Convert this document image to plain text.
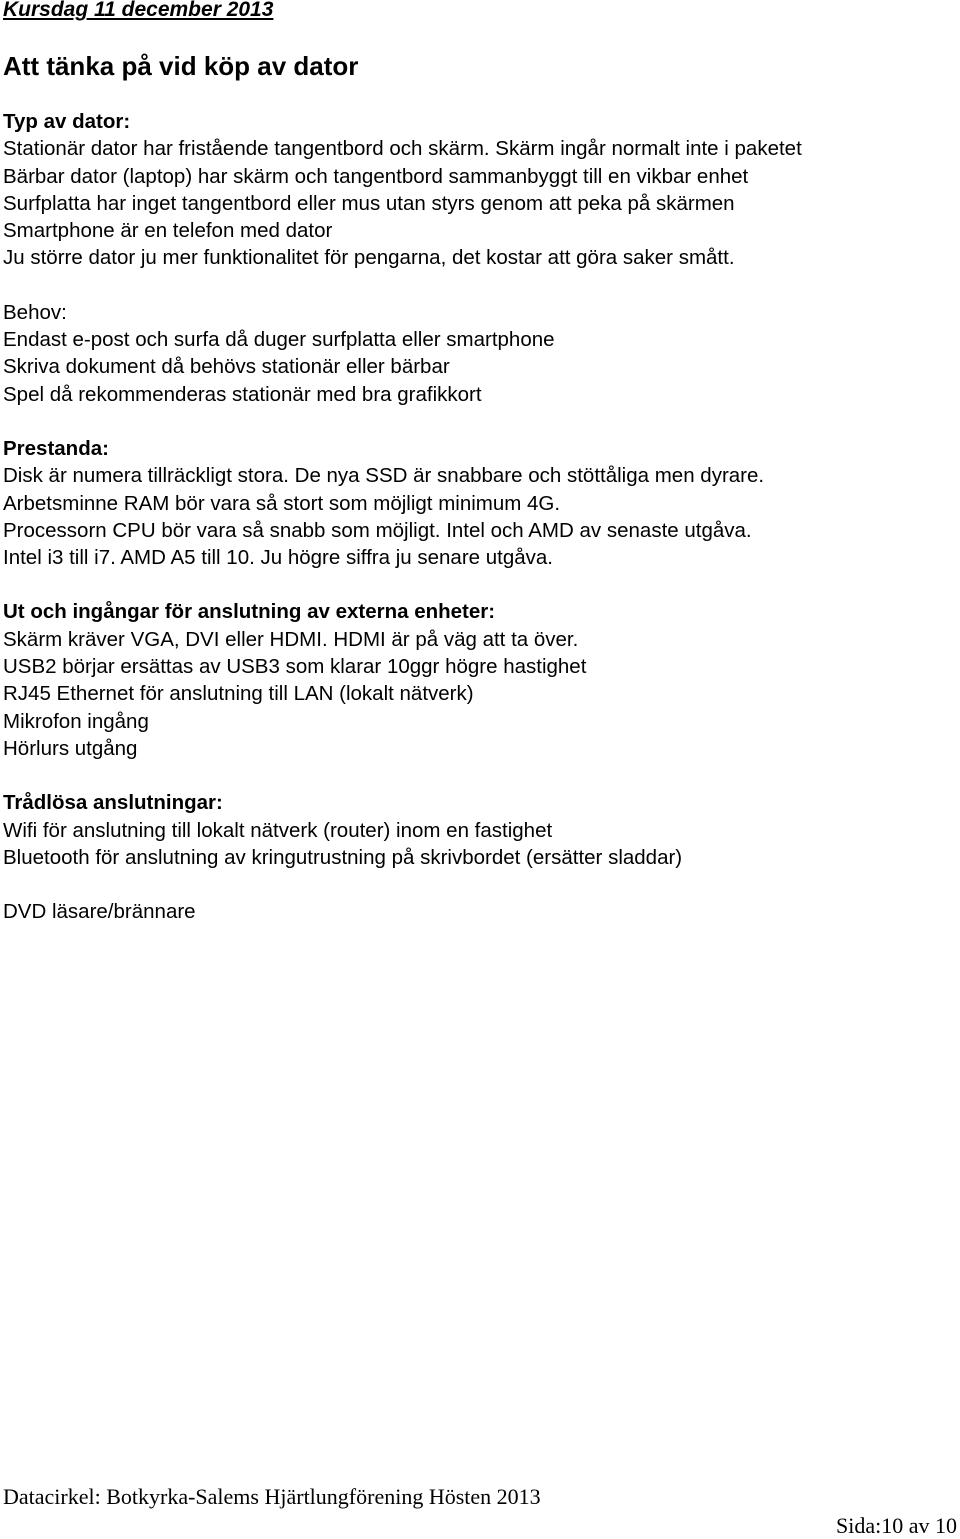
Kursdag 11 december 2013
Att tänka på vid köp av dator

Typ av dator:

Stationär dator har fristående tangentbord och skärm. Skärm ingår normalt inte i paketet

Bärbar dator (laptop) har skärm och tangentbord sammanbyggt till en vikbar enhet

Surfplatta har inget tangentbord eller mus utan styrs genom att peka på skärmen

Smartphone är en telefon med dator

Ju större dator ju mer funktionalitet för pengarna, det kostar att göra saker smått.

Behov:

Endast e-post och surfa då duger surfplatta eller smartphone

Skriva dokument då behövs stationär eller bärbar

Spel då rekommenderas stationär med bra grafikkort

Prestanda:

Disk är numera tillräckligt stora. De nya SSD är snabbare och stöttåliga men dyrare.

Arbetsminne RAM bör vara så stort som möjligt minimum 4G.

Processorn CPU bör vara så snabb som möjligt. Intel och AMD av senaste utgåva.

Intel i3 till i7. AMD A5 till 10. Ju högre siffra ju senare utgåva.

Ut och ingångar för anslutning av externa enheter:

Skärm kräver VGA, DVI eller HDMI. HDMI är på väg att ta över.

USB2 börjar ersättas av USB3 som klarar 10ggr högre hastighet

RJ45 Ethernet för anslutning till LAN (lokalt nätverk)

Mikrofon ingång

Hörlurs utgång

Trådlösa anslutningar:

Wifi för anslutning till lokalt nätverk (router) inom en fastighet

Bluetooth för anslutning av kringutrustning på skrivbordet (ersätter sladdar)

DVD läsare/brännare

Datacirkel: Botkyrka-Salems Hjärtlungförening Hösten 2013
Sida:10 av 10
